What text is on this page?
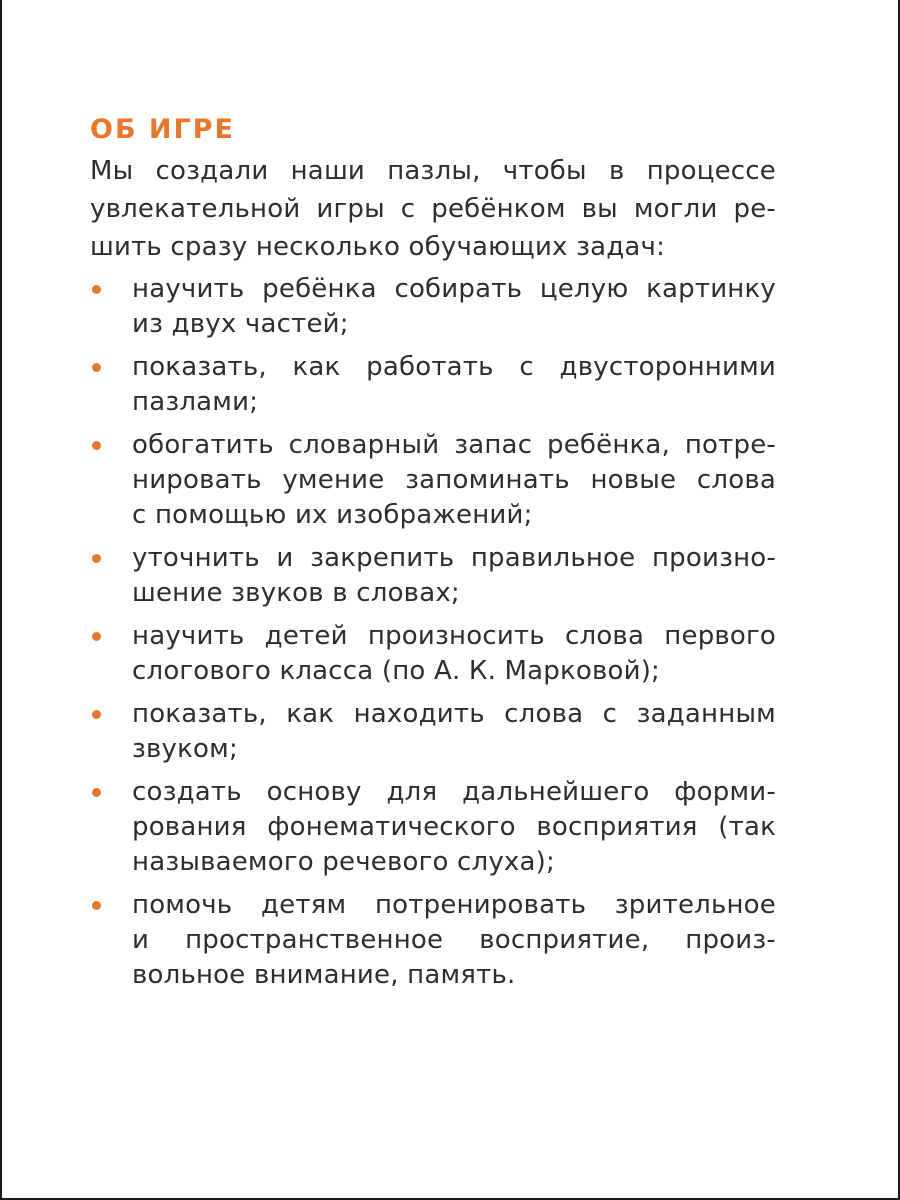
ОБ ИГРЕ

Мы создали наши пазлы, чтобы в процессе
увлекательной игры с ребёнком вы могли ре-
шить сразу несколько обучающих задач:

научить ребёнка собирать целую картинку
из двух частей;
показать, как работать с двусторонними
пазлами;
обогатить словарный запас ребёнка, потре-
нировать умение запоминать новые слова
с помощью их изображений;
уточнить и закрепить правильное произно-
шение звуков в словах;
научить детей произносить слова первого
слогового класса (по А. К. Марковой);
показать, как находить слова с заданным
звуком;
создать основу для дальнейшего форми-
рования фонематического восприятия (так
называемого речевого слуха);
помочь детям потренировать зрительное
и пространственное восприятие, произ-
вольное внимание, память.
